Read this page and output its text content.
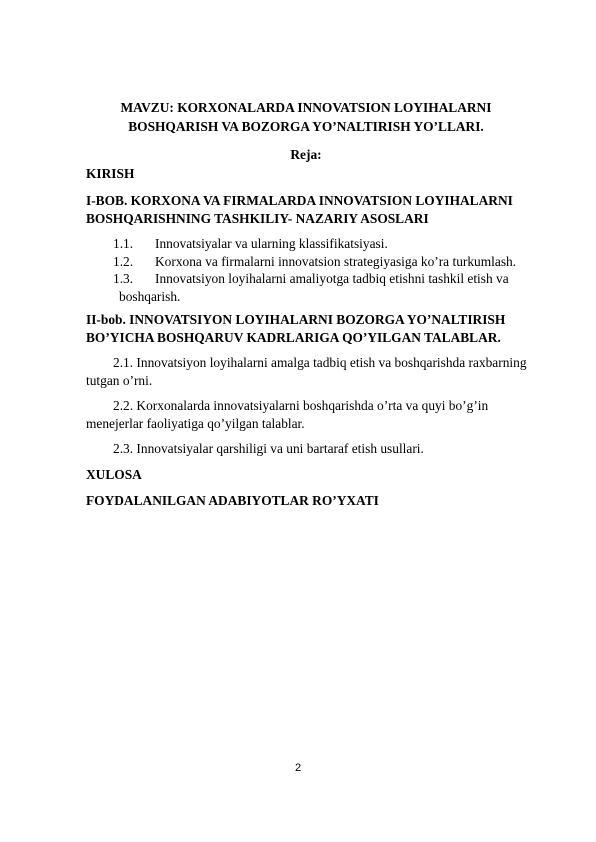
MAVZU: KORXONALARDA INNOVATSION LOYIHALARNI
BOSHQARISH VA BOZORGA YO’NALTIRISH YO’LLARI.
Reja:
KIRISH
I-BOB. KORXONA VA FIRMALARDA INNOVATSION LOYIHALARNI
BOSHQARISHNING TASHKILIY- NAZARIY ASOSLARI
1.1. Innovatsiyalar va ularning klassifikatsiyasi.
1.2. Korxona va firmalarni innovatsion strategiyasiga ko’ra turkumlash.
1.3. Innovatsiyon loyihalarni amaliyotga tadbiq etishni tashkil etish va
boshqarish.
II-bob. INNOVATSIYON LOYIHALARNI BOZORGA YO’NALTIRISH
BO’YICHA BOSHQARUV KADRLARIGA QO’YILGAN TALABLAR.
2.1. Innovatsiyon loyihalarni amalga tadbiq etish va boshqarishda raxbarning tutgan o’rni.
2.2. Korxonalarda innovatsiyalarni boshqarishda o’rta va quyi bo’g’in menejerlar faoliyatiga qo’yilgan talablar.
2.3. Innovatsiyalar qarshiligi va uni bartaraf etish usullari.
XULOSA
FOYDALANILGAN ADABIYOTLAR RO’YXATI
2
